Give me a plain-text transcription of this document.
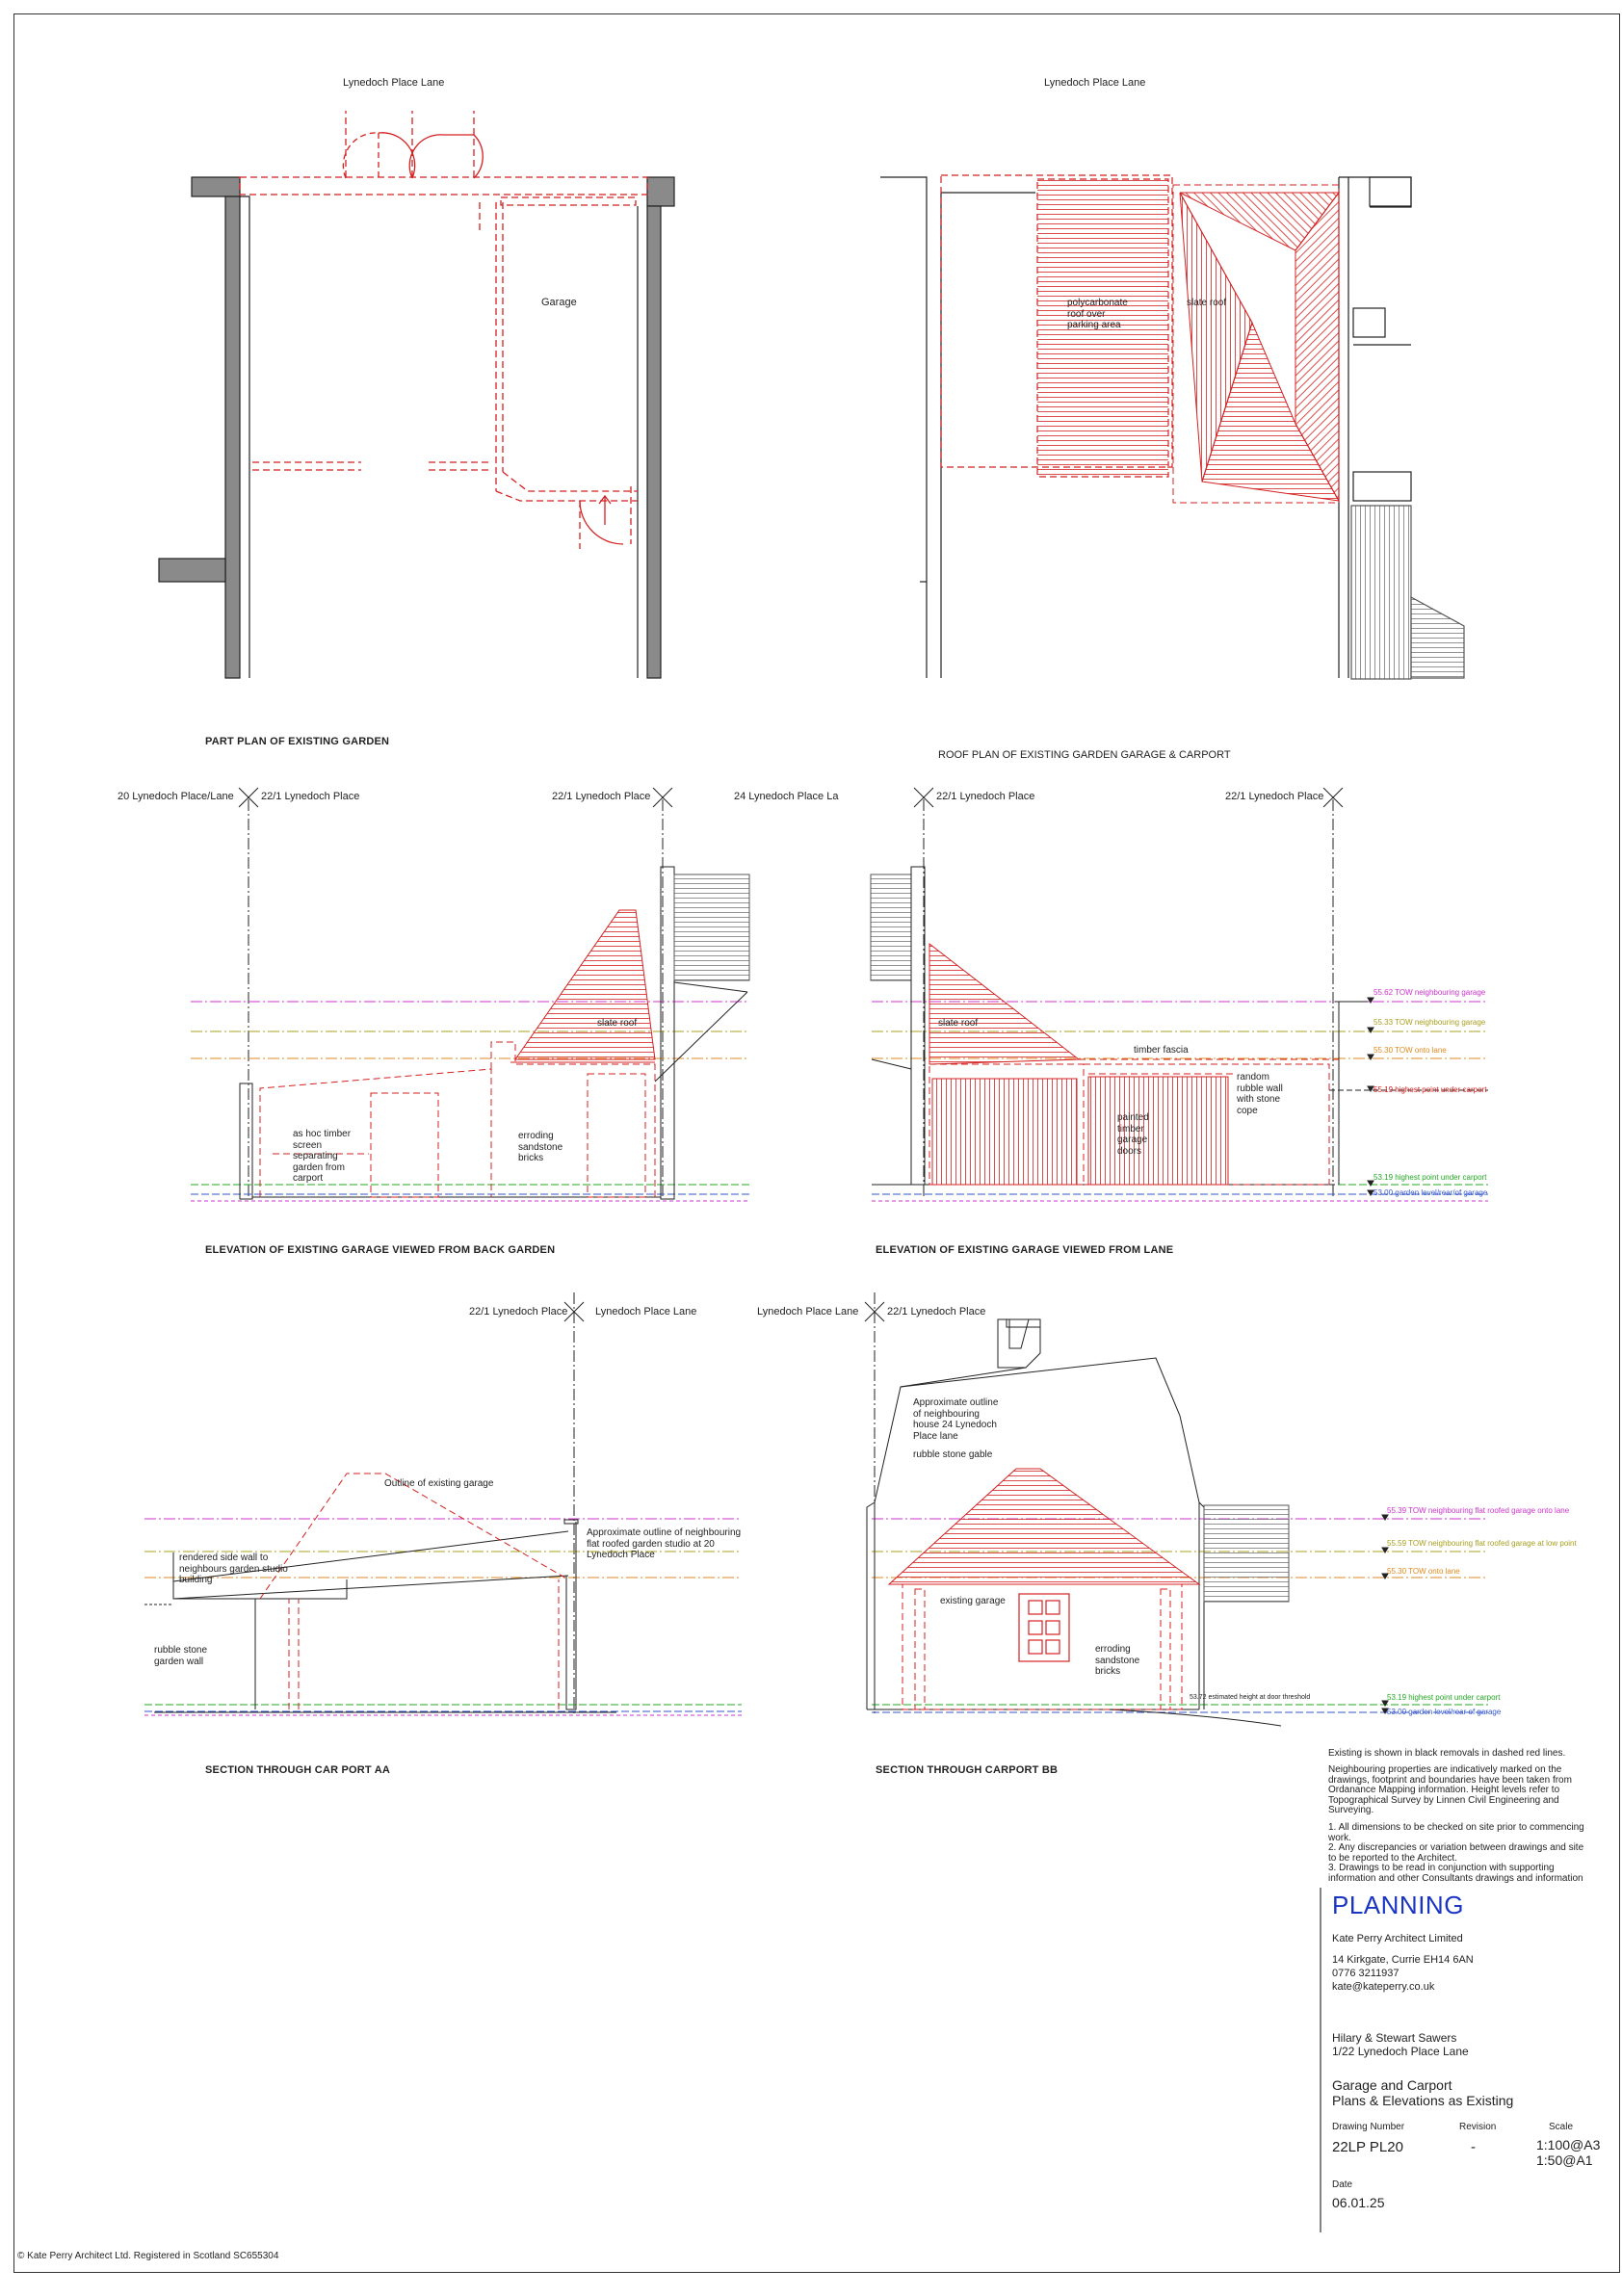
Lynedoch Place Lane	Lynedoch Place Lane
Garage	polycarbonate
roof over
parking area
slate roof
PART PLAN OF EXISTING GARDEN
ROOF PLAN OF EXISTING GARDEN GARAGE & CARPORT
20 Lynedoch Place/Lane	22/1 Lynedoch Place	22/1 Lynedoch Place	24 Lynedoch Place La
slate roof
as hoc timber
screen
separating
garden from
carport
erroding
sandstone
bricks
ELEVATION OF EXISTING GARAGE VIEWED FROM BACK GARDEN
22/1 Lynedoch Place	22/1 Lynedoch Place
slate roof
timber fascia
painted
timber
garage
doors
random
rubble wall
with stone
cope
ELEVATION OF EXISTING GARAGE VIEWED FROM LANE
55.62 TOW neighbouring garage
55.33 TOW neighbouring garage
55.30 TOW onto lane
55.19 highest point under carport
53.19 highest point under carport
53.00 garden level/rear/of garage
22/1 Lynedoch Place	Lynedoch Place Lane
Outline of existing garage
rendered side wall to
neighbours garden studio
building
Approximate outline of neighbouring
flat roofed garden studio at 20
Lynedoch Place
rubble stone
garden wall
SECTION THROUGH CAR PORT AA
Lynedoch Place Lane	22/1 Lynedoch Place
Approximate outline
of neighbouring
house 24 Lynedoch
Place lane
rubble stone gable
existing garage
erroding
sandstone
bricks
53.72 estimated height at door threshold
SECTION THROUGH CARPORT BB
55.39 TOW neighbouring flat roofed garage onto lane
55.59 TOW neighbouring flat roofed garage at low point
55.30 TOW onto lane
53.19 highest point under carport
53.00 garden level/rear of garage
Existing is shown in black removals in dashed red lines.
Neighbouring properties are indicatively marked on the
drawings, footprint and boundaries have been taken from
Ordanance Mapping information. Height levels refer to
Topographical Survey by Linnen Civil Engineering and
Surveying.
1. All dimensions to be checked on site prior to commencing
work.
2. Any discrepancies or variation between drawings and site
to be reported to the Architect.
3. Drawings to be read in conjunction with supporting
information and other Consultants drawings and information
PLANNING
Kate Perry Architect Limited
14 Kirkgate, Currie EH14 6AN
0776 3211937
kate@kateperry.co.uk
Hilary & Stewart Sawers
1/22 Lynedoch Place Lane
Garage and Carport
Plans & Elevations as Existing
Drawing Number	Revision	Scale
22LP PL20	-	1:100@A3
1:50@A1
Date
06.01.25
© Kate Perry Architect Ltd. Registered in Scotland SC655304
